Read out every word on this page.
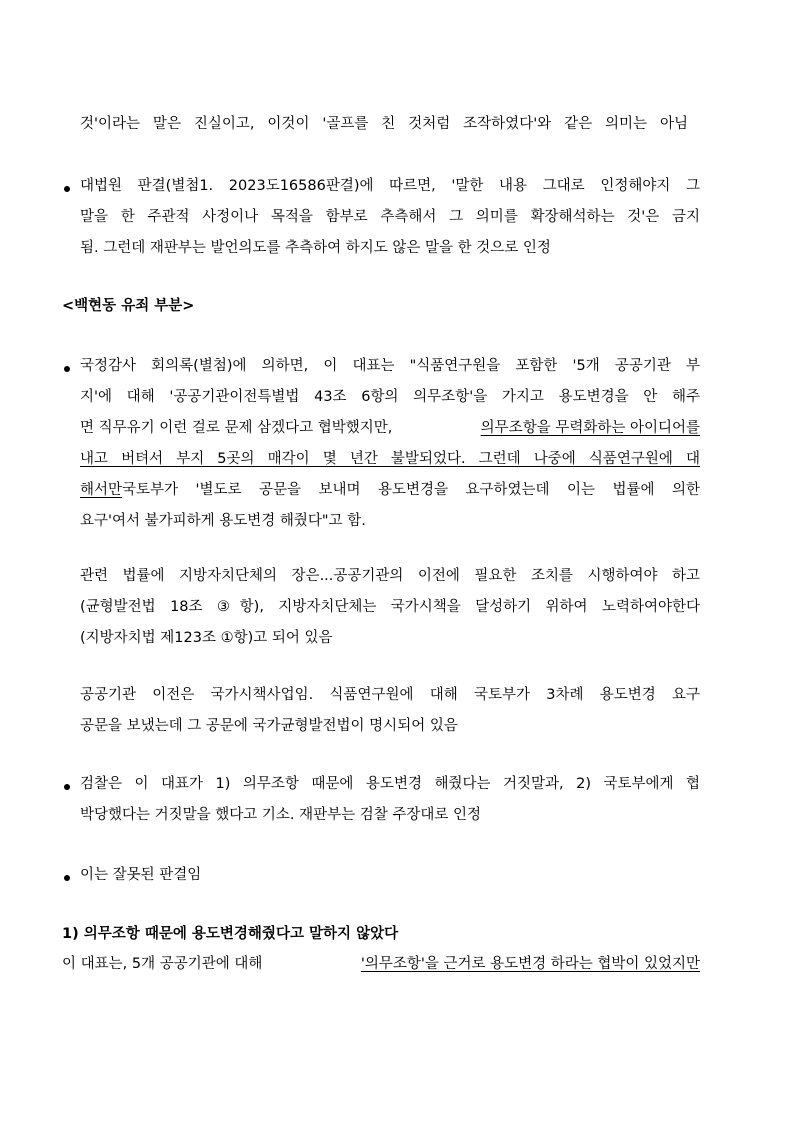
것'이라는 말은 진실이고, 이것이 '골프를 친 것처럼 조작하였다'와 같은 의미는 아님
대법원 판결(별첨1. 2023도16586판결)에 따르면, '말한 내용 그대로 인정해야지 그
말을 한 주관적 사정이나 목적을 함부로 추측해서 그 의미를 확장해석하는 것'은 금지
됨. 그런데 재판부는 발언의도를 추측하여 하지도 않은 말을 한 것으로 인정
<백현동 유죄 부분>
국정감사 회의록(별첨)에 의하면, 이 대표는 "식품연구원을 포함한 '5개 공공기관 부
지'에 대해 '공공기관이전특별법 43조 6항의 의무조항'을 가지고 용도변경을 안 해주
면 직무유기 이런 걸로 문제 삼겠다고 협박했지만,	의무조항을 무력화하는 아이디어를
내고 버텨서 부지 5곳의 매각이 몇 년간 불발되었다. 그런데 나중에 식품연구원에 대
해서만 국토부가 '별도로 공문을 보내며 용도변경을 요구하였는데 이는 법률에 의한
요구'여서 불가피하게 용도변경 해줬다"고 함.
관련 법률에 지방자치단체의 장은...공공기관의 이전에 필요한 조치를 시행하여야 하고
(균형발전법 18조 ③항), 지방자치단체는 국가시책을 달성하기 위하여 노력하여야한다
(지방자치법 제123조 ①항)고 되어 있음
공공기관 이전은 국가시책사업임. 식품연구원에 대해 국토부가 3차례 용도변경 요구
공문을 보냈는데 그 공문에 국가균형발전법이 명시되어 있음
검찰은 이 대표가 1) 의무조항 때문에 용도변경 해줬다는 거짓말과, 2) 국토부에게 협
박당했다는 거짓말을 했다고 기소. 재판부는 검찰 주장대로 인정
이는 잘못된 판결임
1) 의무조항 때문에 용도변경해줬다고 말하지 않았다
이 대표는, 5개 공공기관에 대해	'의무조항'을 근거로 용도변경 하라는 협박이 있었지만
